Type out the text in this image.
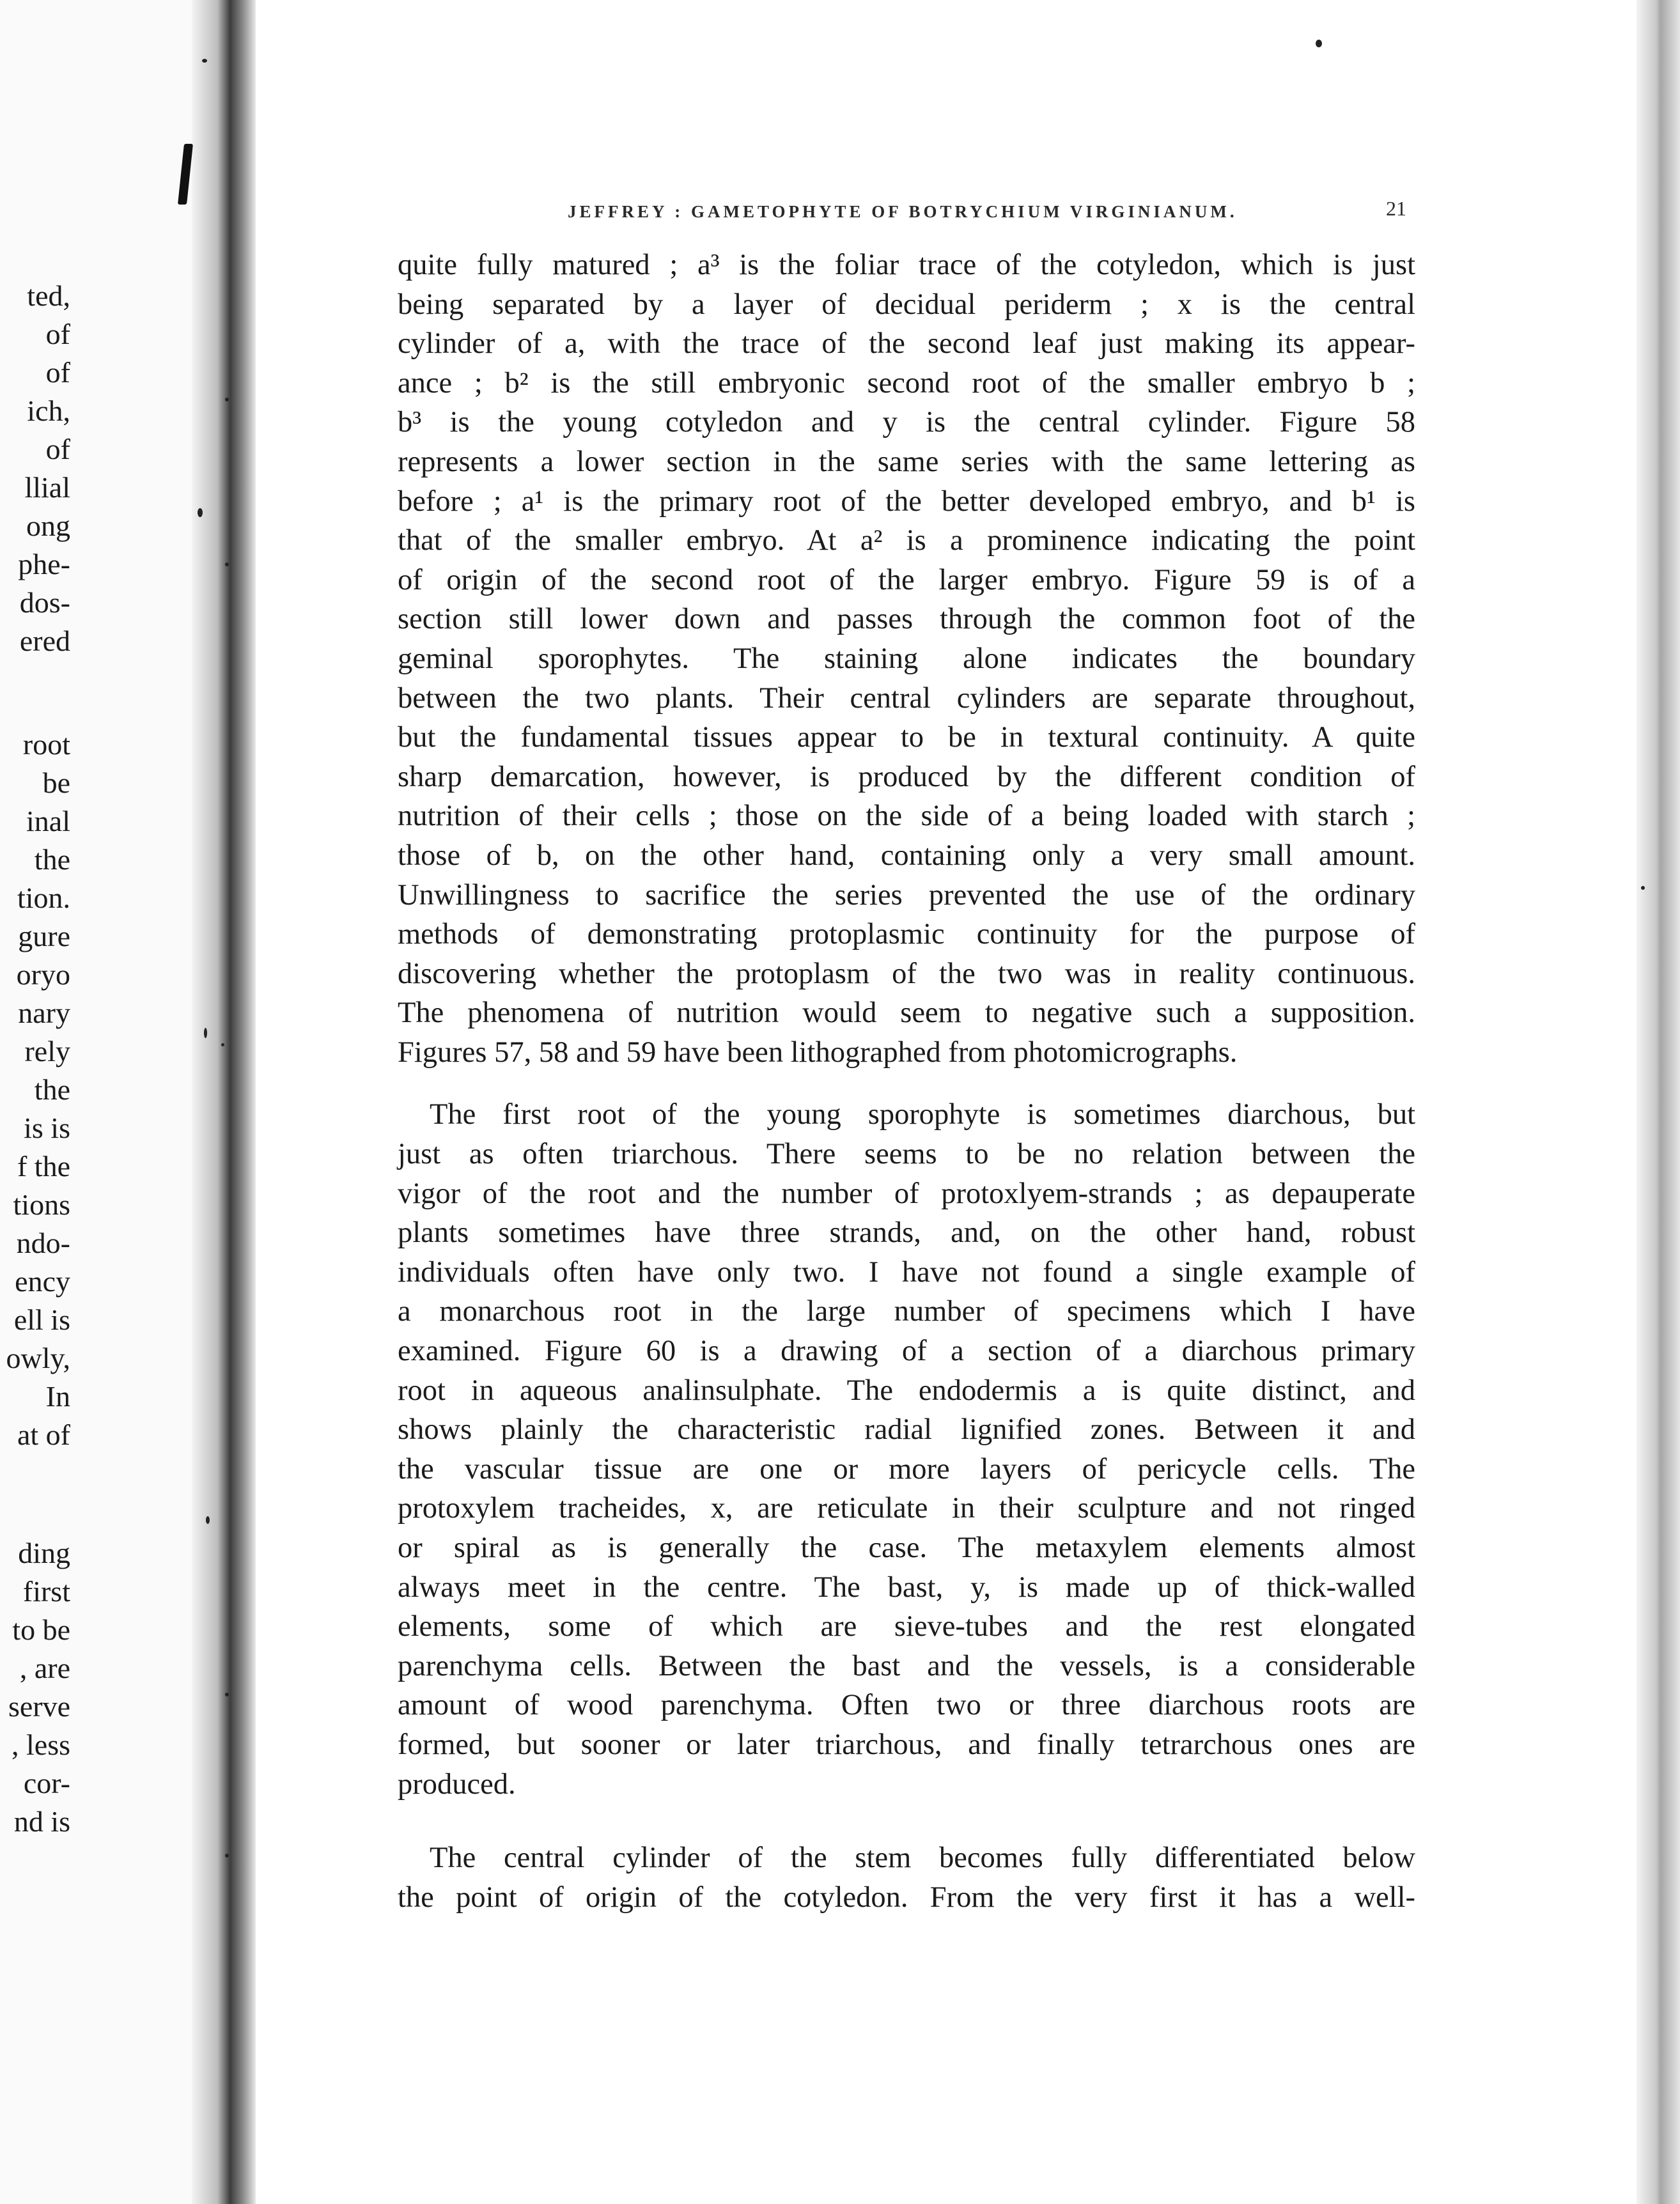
ted,
of
of
ich,
of
llial
ong
phe-
dos-
ered
root
be
inal
the
tion.
gure
oryo
nary
rely
the
is is
f the
tions
ndo-
ency
ell is
owly,
In
at of
ding
first
to be
, are
serve
, less
cor-
nd is
JEFFREY : GAMETOPHYTE OF BOTRYCHIUM VIRGINIANUM.	21
quite fully matured ; a³ is the foliar trace of the cotyledon, which is just
being separated by a layer of decidual periderm ; x is the central
cylinder of a, with the trace of the second leaf just making its appear-
ance ; b² is the still embryonic second root of the smaller embryo b ;
b³ is the young cotyledon and y is the central cylinder. Figure 58
represents a lower section in the same series with the same lettering as
before ; a¹ is the primary root of the better developed embryo, and b¹ is
that of the smaller embryo. At a² is a prominence indicating the point
of origin of the second root of the larger embryo. Figure 59 is of a
section still lower down and passes through the common foot of the
geminal sporophytes. The staining alone indicates the boundary
between the two plants. Their central cylinders are separate throughout,
but the fundamental tissues appear to be in textural continuity. A quite
sharp demarcation, however, is produced by the different condition of
nutrition of their cells ; those on the side of a being loaded with starch ;
those of b, on the other hand, containing only a very small amount.
Unwillingness to sacrifice the series prevented the use of the ordinary
methods of demonstrating protoplasmic continuity for the purpose of
discovering whether the protoplasm of the two was in reality continuous.
The phenomena of nutrition would seem to negative such a supposition.
Figures 57, 58 and 59 have been lithographed from photomicrographs.
The first root of the young sporophyte is sometimes diarchous, but
just as often triarchous. There seems to be no relation between the
vigor of the root and the number of protoxlyem-strands ; as depauperate
plants sometimes have three strands, and, on the other hand, robust
individuals often have only two. I have not found a single example of
a monarchous root in the large number of specimens which I have
examined. Figure 60 is a drawing of a section of a diarchous primary
root in aqueous analinsulphate. The endodermis a is quite distinct, and
shows plainly the characteristic radial lignified zones. Between it and
the vascular tissue are one or more layers of pericycle cells. The
protoxylem tracheides, x, are reticulate in their sculpture and not ringed
or spiral as is generally the case. The metaxylem elements almost
always meet in the centre. The bast, y, is made up of thick-walled
elements, some of which are sieve-tubes and the rest elongated
parenchyma cells. Between the bast and the vessels, is a considerable
amount of wood parenchyma. Often two or three diarchous roots are
formed, but sooner or later triarchous, and finally tetrarchous ones are
produced.
The central cylinder of the stem becomes fully differentiated below
the point of origin of the cotyledon. From the very first it has a well-
